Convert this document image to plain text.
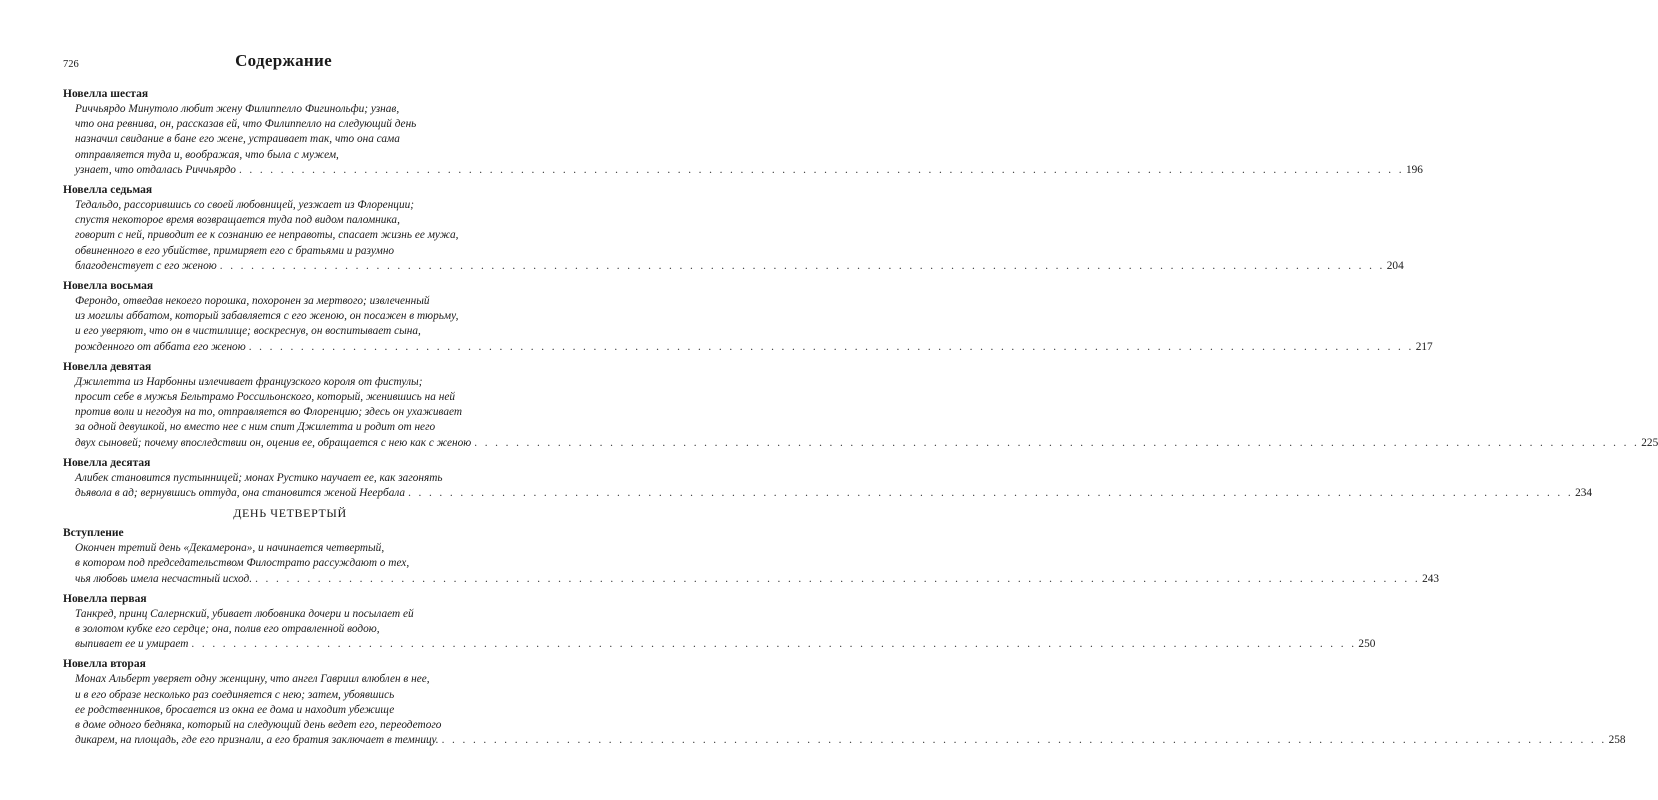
726	Содержание
Новелла шестая
Риччьярдо Минутоло любит жену Филиппелло Фигинольфи; узнав,
что она ревнива, он, рассказав ей, что Филиппелло на следующий день
назначил свидание в бане его жене, устраивает так, что она сама
отправляется туда и, воображая, что была с мужем,
узнает, что отдалась Риччьярдо . . . . . . . . . . . . . . . . . . . . . . . . . . . . . . . . . . . . . . . . . . . . . . . . . . . . . . . . . . . . . . . . . . . . . . . . . . . . . . . . . . . . . . . . . . . . . . . . . . . . . . . . . . . . . . . . 196
Новелла седьмая
Тедальдо, рассорившись со своей любовницей, уезжает из Флоренции;
спустя некоторое время возвращается туда под видом паломника,
говорит с ней, приводит ее к сознанию ее неправоты, спасает жизнь ее мужа,
обвиненного в его убийстве, примиряет его с братьями и разумно
благоденствует с его женою . . . . . . . . . . . . . . . . . . . . . . . . . . . . . . . . . . . . . . . . . . . . . . . . . . . . . . . . . . . . . . . . . . . . . . . . . . . . . . . . . . . . . . . . . . . . . . . . . . . . . . . . . . . . . . . . 204
Новелла восьмая
Ферондо, отведав некоего порошка, похоронен за мертвого; извлеченный
из могилы аббатом, который забавляется с его женою, он посажен в тюрьму,
и его уверяют, что он в чистилище; воскреснув, он воспитывает сына,
рожденного от аббата его женою . . . . . . . . . . . . . . . . . . . . . . . . . . . . . . . . . . . . . . . . . . . . . . . . . . . . . . . . . . . . . . . . . . . . . . . . . . . . . . . . . . . . . . . . . . . . . . . . . . . . . . . . . . . . . . . . 217
Новелла девятая
Джилетта из Нарбонны излечивает французского короля от фистулы;
просит себе в мужья Бельтрамо Россильонского, который, женившись на ней
против воли и негодуя на то, отправляется во Флоренцию; здесь он ухаживает
за одной девушкой, но вместо нее с ним спит Джилетта и родит от него
двух сыновей; почему впоследствии он, оценив ее, обращается с нею как с женою . . . . . . . . . . . . . . . . . . . . . . . . . . . . . . . . . . . . . . . . . . . . . . . . . . . . . . . . . . . . . . . . . . . . . . . . . . . . . . . . . . . . . . . . . . . . . . . . . . . . . . . . . . . . . . . . 225
Новелла десятая
Алибек становится пустынницей; монах Рустико научает ее, как загонять
дьявола в ад; вернувшись оттуда, она становится женой Неербала . . . . . . . . . . . . . . . . . . . . . . . . . . . . . . . . . . . . . . . . . . . . . . . . . . . . . . . . . . . . . . . . . . . . . . . . . . . . . . . . . . . . . . . . . . . . . . . . . . . . . . . . . . . . . . . . 234
ДЕНЬ ЧЕТВЕРТЫЙ
Вступление
Окончен третий день «Декамерона», и начинается четвертый,
в котором под председательством Филострато рассуждают о тех,
чья любовь имела несчастный исход. . . . . . . . . . . . . . . . . . . . . . . . . . . . . . . . . . . . . . . . . . . . . . . . . . . . . . . . . . . . . . . . . . . . . . . . . . . . . . . . . . . . . . . . . . . . . . . . . . . . . . . . . . . . . . . . . 243
Новелла первая
Танкред, принц Салернский, убивает любовника дочери и посылает ей
в золотом кубке его сердце; она, полив его отравленной водою,
выпивает ее и умирает . . . . . . . . . . . . . . . . . . . . . . . . . . . . . . . . . . . . . . . . . . . . . . . . . . . . . . . . . . . . . . . . . . . . . . . . . . . . . . . . . . . . . . . . . . . . . . . . . . . . . . . . . . . . . . . . 250
Новелла вторая
Монах Альберт уверяет одну женщину, что ангел Гавриил влюблен в нее,
и в его образе несколько раз соединяется с нею; затем, убоявшись
ее родственников, бросается из окна ее дома и находит убежище
в доме одного бедняка, который на следующий день ведет его, переодетого
дикарем, на площадь, где его признали, а его братия заключает в темницу. . . . . . . . . . . . . . . . . . . . . . . . . . . . . . . . . . . . . . . . . . . . . . . . . . . . . . . . . . . . . . . . . . . . . . . . . . . . . . . . . . . . . . . . . . . . . . . . . . . . . . . . . . . . . . . . . 258
